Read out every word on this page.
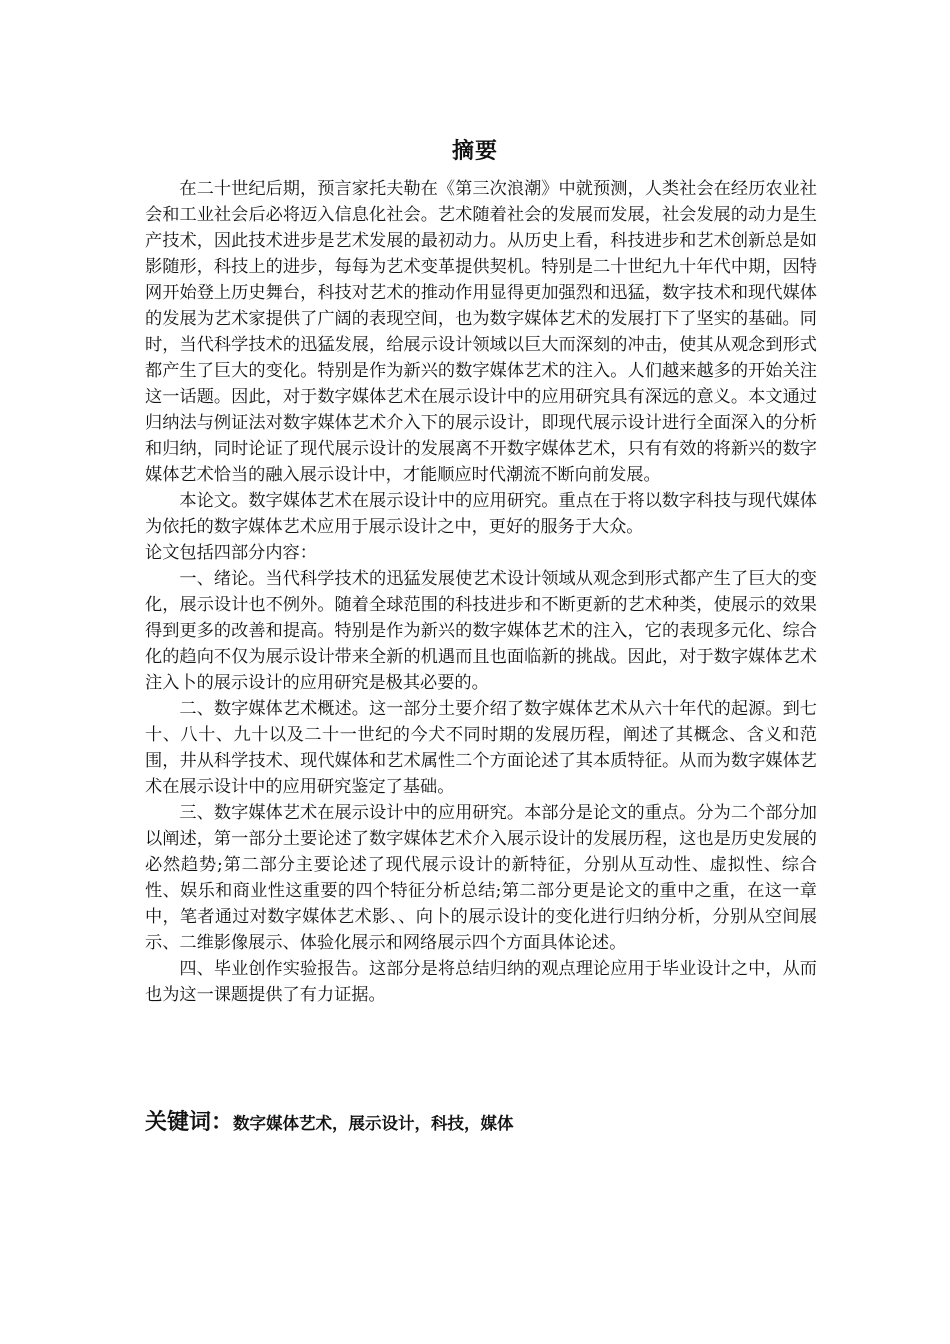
摘要

在二十世纪后期，预言家托夫勒在《第三次浪潮》中就预测，人类社会在经历农业社会和工业社会后必将迈入信息化社会。艺术随着社会的发展而发展，社会发展的动力是生产技术，因此技术进步是艺术发展的最初动力。从历史上看，科技进步和艺术创新总是如影随形，科技上的进步，每每为艺术变革提供契机。特别是二十世纪九十年代中期，因特网开始登上历史舞台，科技对艺术的推动作用显得更加强烈和迅猛，数字技术和现代媒体的发展为艺术家提供了广阔的表现空间，也为数字媒体艺术的发展打下了坚实的基础。同时，当代科学技术的迅猛发展，给展示设计领域以巨大而深刻的冲击，使其从观念到形式都产生了巨大的变化。特别是作为新兴的数字媒体艺术的注入。人们越来越多的开始关注这一话题。因此，对于数字媒体艺术在展示设计中的应用研究具有深远的意义。本文通过归纳法与例证法对数字媒体艺术介入下的展示设计，即现代展示设计进行全面深入的分析和归纳，同时论证了现代展示设计的发展离不开数字媒体艺术，只有有效的将新兴的数字媒体艺术恰当的融入展示设计中，才能顺应时代潮流不断向前发展。

本论文。数字媒体艺术在展示设计中的应用研究。重点在于将以数字科技与现代媒体为依托的数字媒体艺术应用于展示设计之中，更好的服务于大众。

论文包括四部分内容：

一、绪论。当代科学技术的迅猛发展使艺术设计领域从观念到形式都产生了巨大的变化，展示设计也不例外。随着全球范围的科技进步和不断更新的艺术种类，使展示的效果得到更多的改善和提高。特别是作为新兴的数字媒体艺术的注入，它的表现多元化、综合化的趋向不仅为展示设计带来全新的机遇而且也面临新的挑战。因此，对于数字媒体艺术注入卜的展示设计的应用研究是极其必要的。

二、数字媒体艺术概述。这一部分土要介绍了数字媒体艺术从六十年代的起源。到七十、八十、九十以及二十一世纪的今犬不同时期的发展历程，阐述了其概念、含义和范围，井从科学技术、现代媒体和艺术属性二个方面论述了其本质特征。从而为数字媒体艺术在展示设计中的应用研究鉴定了基础。

三、数字媒体艺术在展示设计中的应用研究。本部分是论文的重点。分为二个部分加以阐述，第一部分土要论述了数字媒体艺术介入展示设计的发展历程，这也是历史发展的必然趋势;第二部分主要论述了现代展示设计的新特征，分别从互动性、虚拟性、综合性、娱乐和商业性这重要的四个特征分析总结;第二部分更是论文的重中之重，在这一章中，笔者通过对数字媒体艺术影、、向卜的展示设计的变化进行归纳分析，分别从空间展示、二维影像展示、体验化展示和网络展示四个方面具体论述。

四、毕业创作实验报告。这部分是将总结归纳的观点理论应用于毕业设计之中，从而也为这一课题提供了有力证据。

关键词：数字媒体艺术，展示设计，科技，媒体
